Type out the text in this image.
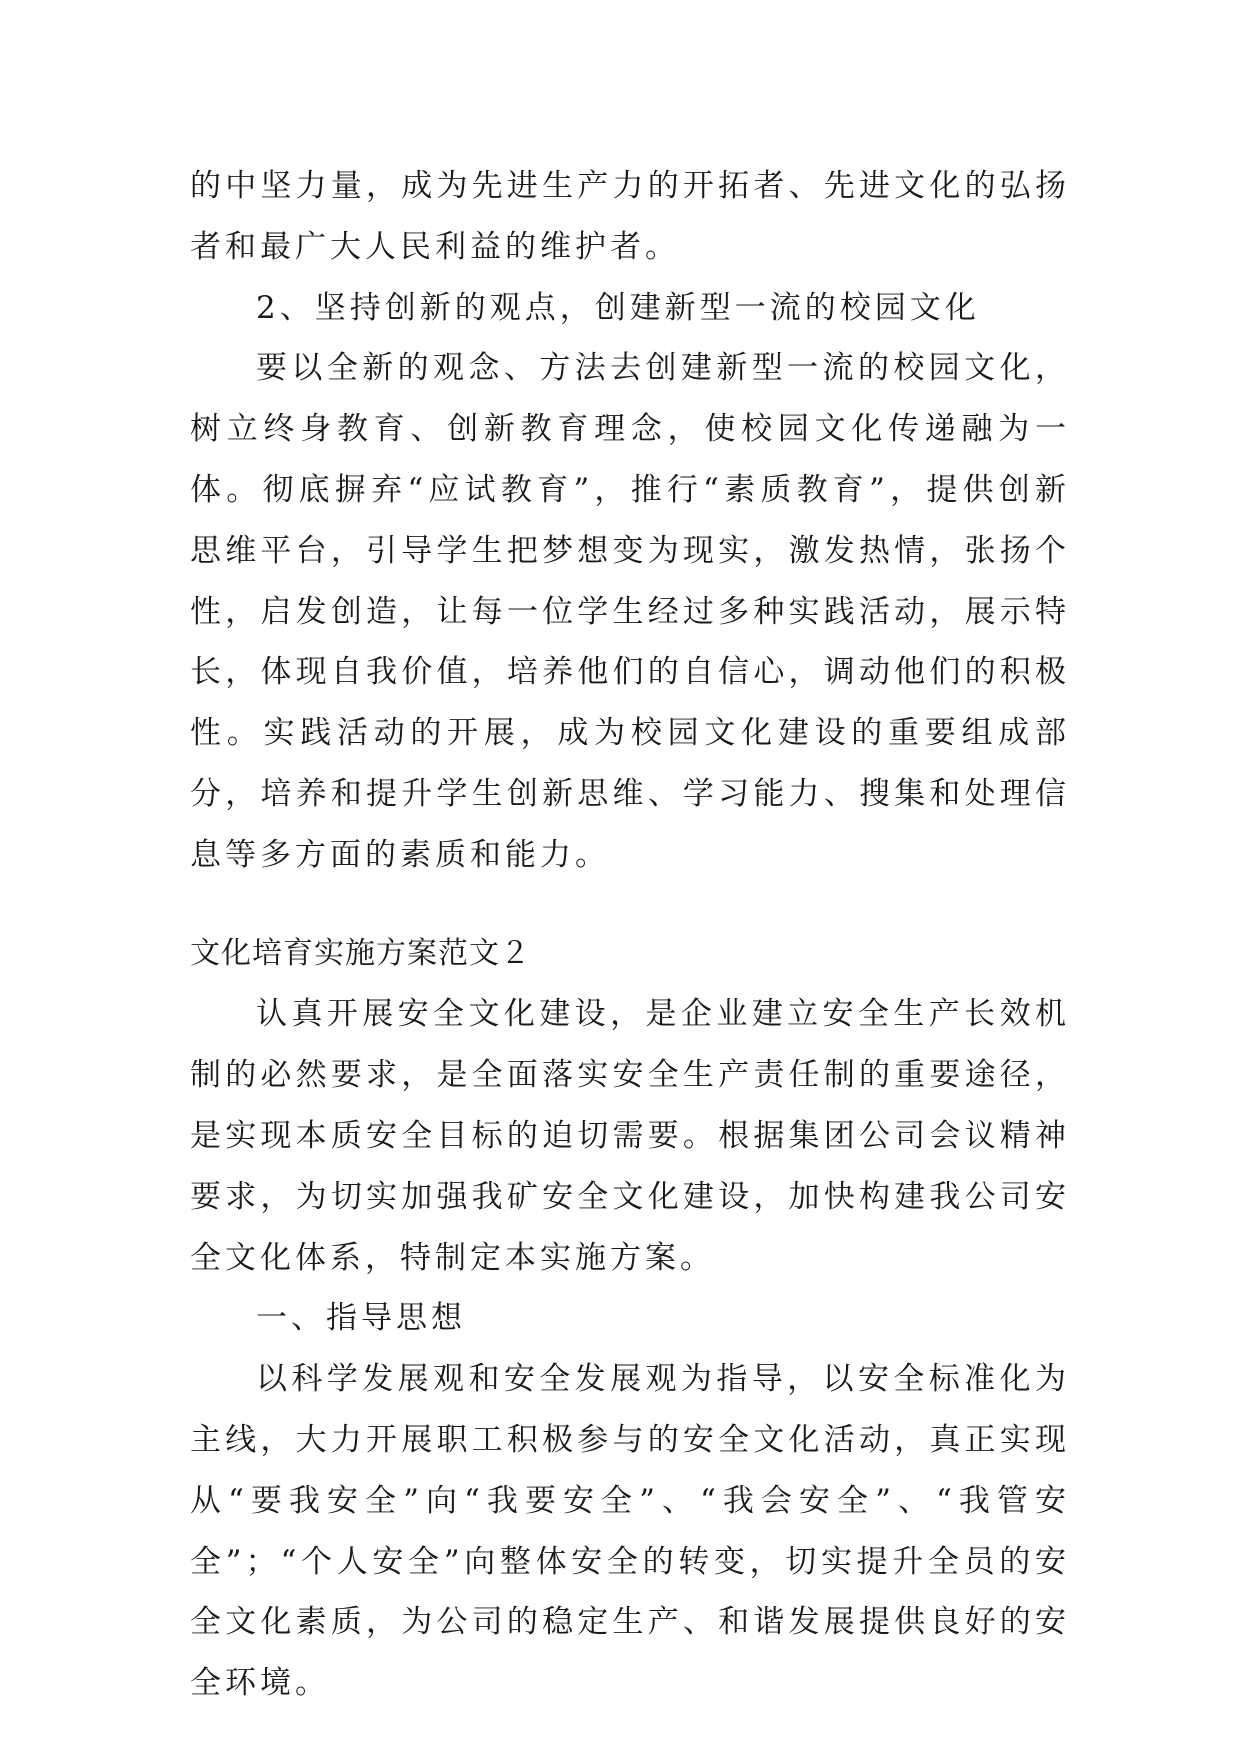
的中坚力量，成为先进生产力的开拓者、先进文化的弘扬者和最广大人民利益的维护者。

2、坚持创新的观点，创建新型一流的校园文化

要以全新的观念、方法去创建新型一流的校园文化，树立终身教育、创新教育理念，使校园文化传递融为一体。彻底摒弃“应试教育”，推行“素质教育”，提供创新思维平台，引导学生把梦想变为现实，激发热情，张扬个性，启发创造，让每一位学生经过多种实践活动，展示特长，体现自我价值，培养他们的自信心，调动他们的积极性。实践活动的开展，成为校园文化建设的重要组成部分，培养和提升学生创新思维、学习能力、搜集和处理信息等多方面的素质和能力。

文化培育实施方案范文２

认真开展安全文化建设，是企业建立安全生产长效机制的必然要求，是全面落实安全生产责任制的重要途径，是实现本质安全目标的迫切需要。根据集团公司会议精神要求，为切实加强我矿安全文化建设，加快构建我公司安全文化体系，特制定本实施方案。

一、指导思想

以科学发展观和安全发展观为指导，以安全标准化为主线，大力开展职工积极参与的安全文化活动，真正实现从“要我安全”向“我要安全”、“我会安全”、“我管安全”；“个人安全”向整体安全的转变，切实提升全员的安全文化素质，为公司的稳定生产、和谐发展提供良好的安全环境。
